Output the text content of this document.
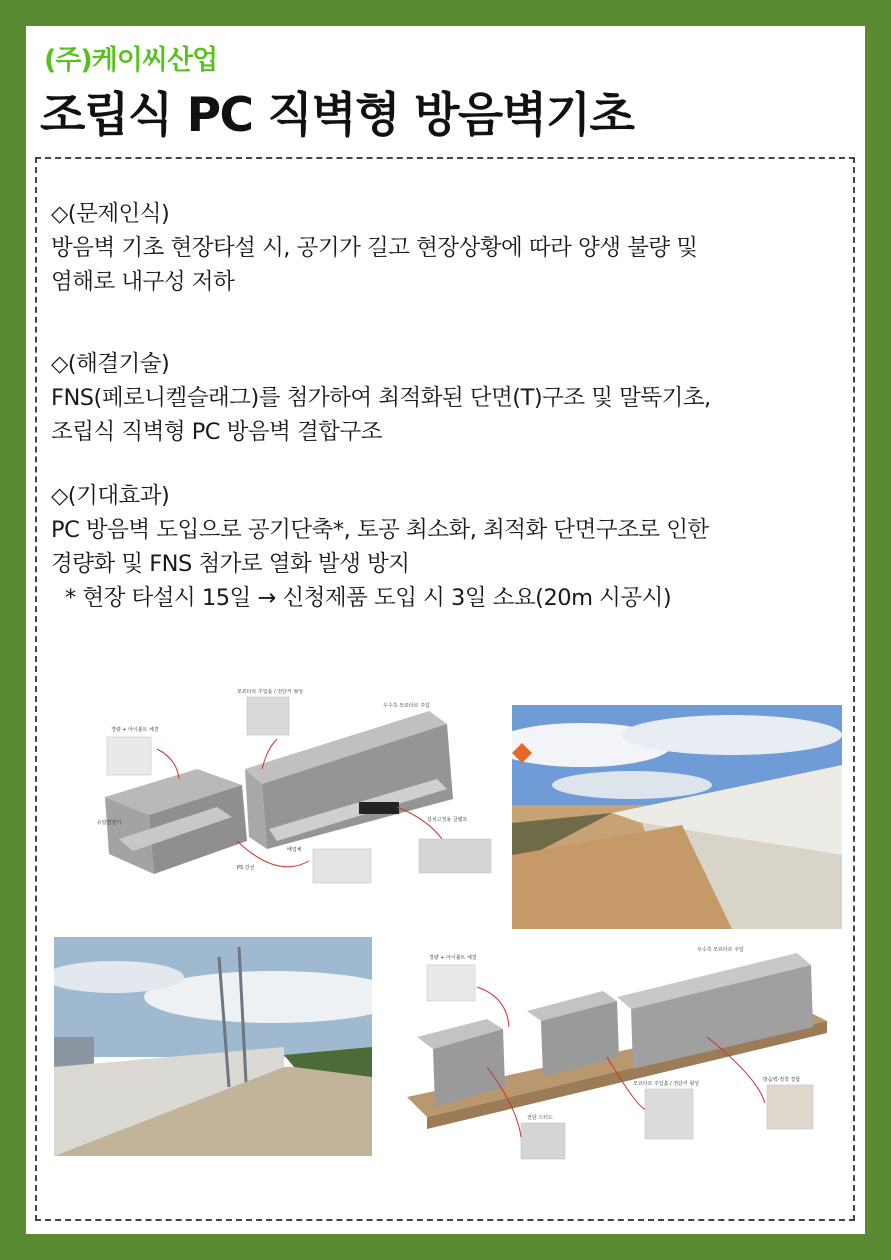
(주)케이씨산업
조립식 PC 직벽형 방음벽기초

◇(문제인식)

방음벽 기초 현장타설 시, 공기가 길고 현장상황에 따라 양생 불량 및

염해로 내구성 저하

◇(해결기술)

FNS(페로니켈슬래그)를 첨가하여 최적화된 단면(T)구조 및 말뚝기초,

조립식 직벽형 PC 방음벽 결합구조

◇(기대효과)

PC 방음벽 도입으로 공기단축*, 토공 최소화, 최적화 단면구조로 인한

경량화 및 FNS 첨가로 열화 발생 방지

* 현장 타설시 15일 → 신청제품 도입 시 3일 소요(20m 시공시)

경량 + 아이볼트 체결
모르타르 주입홀 / 전단키 형성
우수측 모르타르 주입
유압연결기
PS 강선
배업체
설치고정용 클램프
경량 + 아이볼트 체결
우수측 모르타르 주입
모르타르 주입홀 / 전단키 형성
전단 스터드
방음벽-정착 결합
